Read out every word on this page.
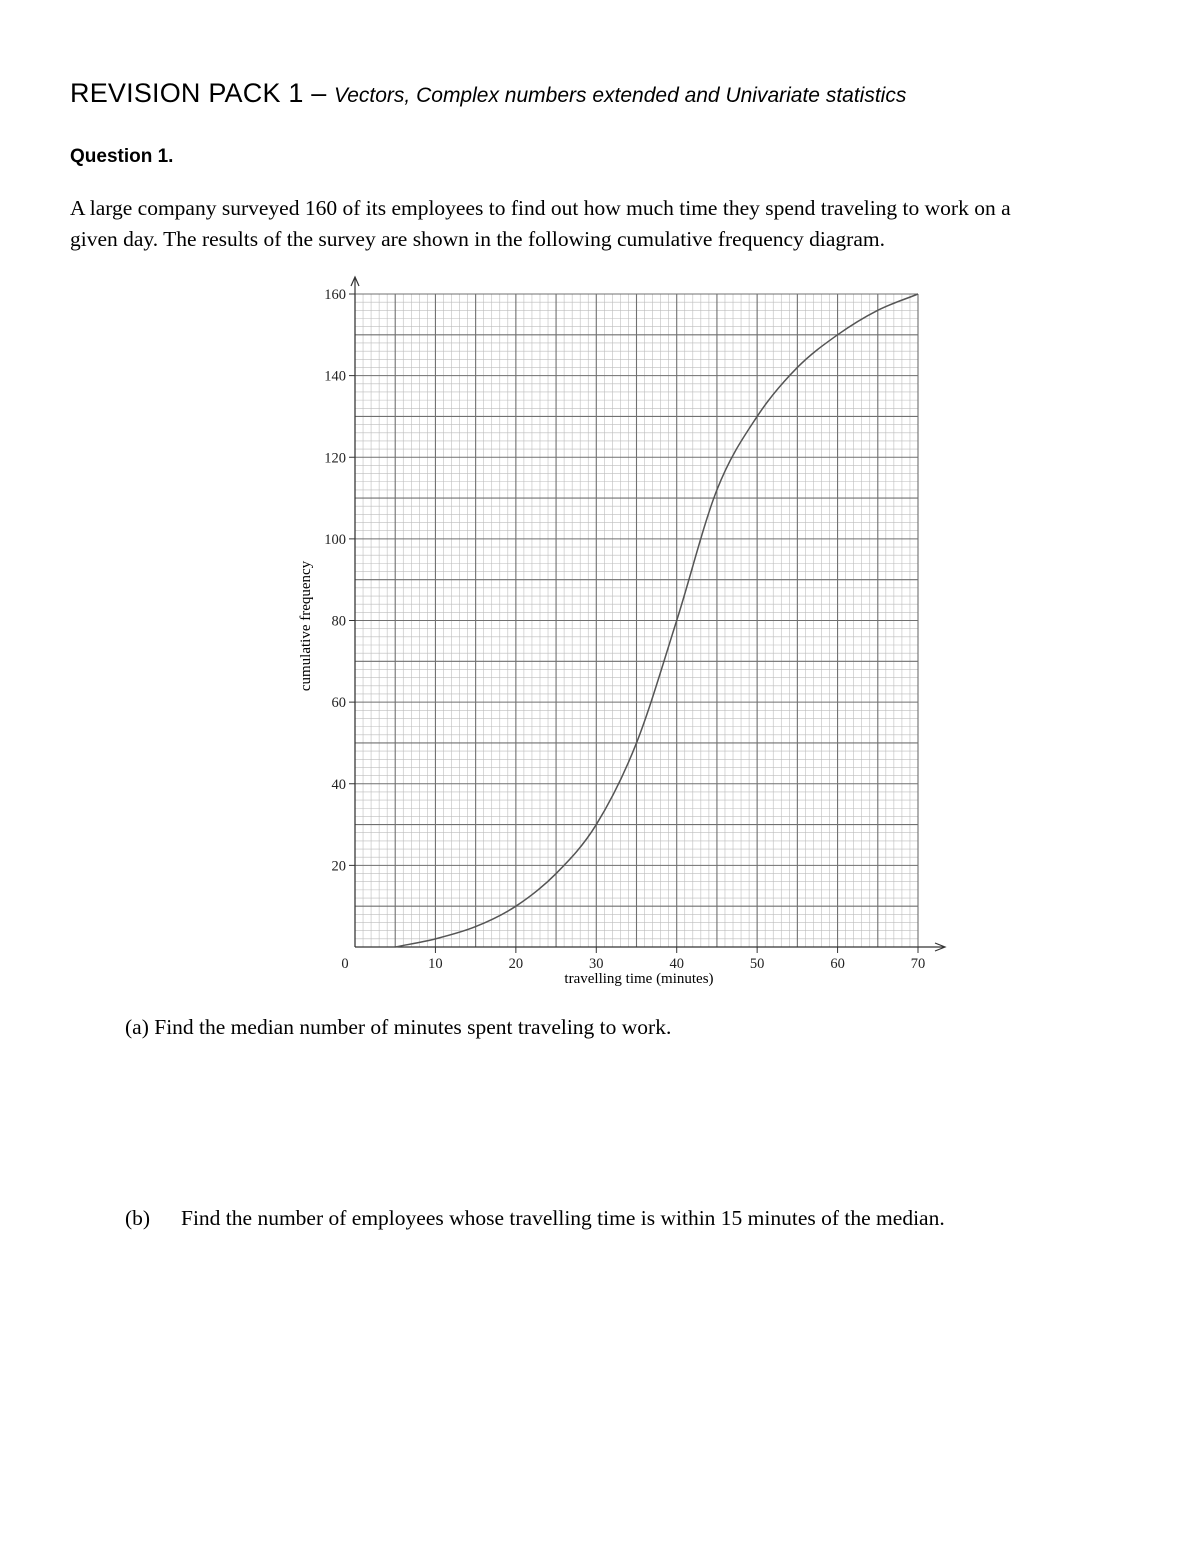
REVISION PACK 1 – Vectors, Complex numbers extended and Univariate statistics
Question 1.

A large company surveyed 160 of its employees to find out how much time they spend traveling to work on a

given day. The results of the survey are shown in the following cumulative frequency diagram.

20
40
60
80
100
120
140
160
0	10	20	30	40	50	60	70
travelling time (minutes)
cumulative frequency
(a) Find the median number of minutes spent traveling to work.
(b) Find the number of employees whose travelling time is within 15 minutes of the median.
